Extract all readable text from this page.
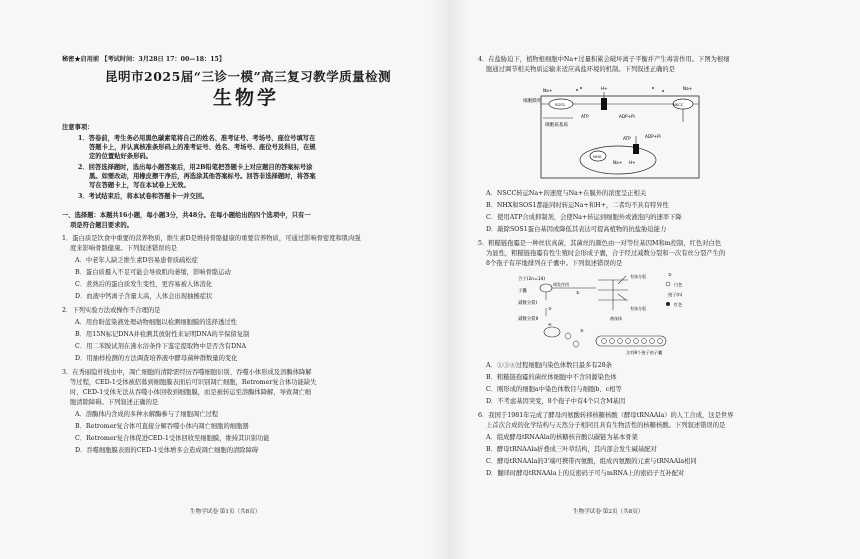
秘密★启用前 【考试时间：3月28日 17：00—18：15】
昆明市2025届“三诊一模”高三复习教学质量检测
生物学
注意事项：
1．答卷前，考生务必用黑色碳素笔将自己的姓名、准考证号、考场号、座位号填写在
答题卡上，并认真核准条形码上的准考证号、姓名、考场号、座位号及科目，在规
定的位置贴好条形码。
2．回答选择题时，选出每小题答案后，用2B铅笔把答题卡上对应题目的答案标号涂
黑。如需改动，用橡皮擦干净后，再选涂其他答案标号。回答非选择题时，将答案
写在答题卡上，写在本试卷上无效。
3．考试结束后，将本试卷和答题卡一并交回。
一、选择题：本题共16小题，每小题3分，共48分。在每小题给出的四个选项中，只有一
项是符合题目要求的。
1．蛋白质是饮食中重要的营养物质，维生素D是维持骨骼健康的重要营养物质，可通过影响骨密度和肌肉强
度来影响骨骼健康。下列叙述错误的是
A．中老年人缺乏维生素D容易患骨质疏松症
B．蛋白质摄入不足可能会导致肌肉萎缩，影响骨骼运动
C．煮熟后的蛋白质发生变性，更容易被人体消化
D．血液中钙离子含量太高，人体会出现抽搐症状
2．下列实验方法或操作不合理的是
A．用台盼蓝染液处理动物细胞以检测细胞膜的选择透过性
B．用15N标记DNA并检测其放射性来证明DNA的半保留复制
C．用二苯胺试剂在沸水浴条件下鉴定提取物中是否含有DNA
D．用抽样检测的方法调查培养液中酵母菌种群数量的变化
3．在秀丽隐杆线虫中，凋亡细胞的清除需经历吞噬细胞识别、吞噬小体形成及溶酶体降解
等过程，CED-1受体被招募到细胞膜表面后可识别凋亡细胞，Retromer复合体功能缺失
时，CED-1受体无法从吞噬小体回收到细胞膜，而是被转运至溶酶体降解，导致凋亡细
胞清除障碍。下列叙述正确的是
A．溶酶体内含成的多种水解酶参与了细胞凋亡过程
B．Retromer复合体可直接分解吞噬小体内凋亡细胞的细胞器
C．Retromer复合体促进CED-1受体回收至细胞膜，维持其识别功能
D．吞噬细胞膜表面的CED-1受体增多会造成凋亡细胞的清除障碍
生物学试卷·第1页（共8页）
4．在盐胁迫下，植物根细胞中Na+过量积累会破坏离子平衡并产生毒害作用。下图为根细
胞通过调节相关物质运输来适应高盐环境的机制。下列叙述正确的是
细胞膜外
细胞质基质
SOS1	NSCC
NHX
ATP	ADP+Pi
ATP	ADP+Pi
Na+	H+	Na+
Na+ H+
A．NSCC转运Na+的速度与Na+在膜外的浓度呈正相关
B．NHX和SOS1都能同时转运Na+和H+，二者均不具有特异性
C．使用ATP合成抑制剂，会使Na+转运到细胞外或液泡内的速率下降
D．敲除SOS1蛋白基因或降低其表达可提高植物的抗盐胁迫能力
5．粗糙链孢霉是一种丝状真菌，其菌丝的颜色由一对等位基因M和m控制，红色对白色
为显性，粗糙链孢霉有性生殖时会形成子囊，合子经过减数分裂和一次有丝分裂产生的
8个孢子有序地排列在子囊中。下列叙述错误的是
合子(2n=14)
子囊
减数分裂I
减数分裂II
萌发作用
有丝分裂
有丝分裂
菌丝体
白色
孢子(n)
红色
含有8个孢子的子囊
①
②
③
④
⑤
A．①③④过程细胞内染色体数目最多有28条
B．粗糙链孢霉的菌丝体细胞中不含同源染色体
C．刚形成的细胞a中染色体数目与细胞b、c相等
D．不考虑基因突变，8个孢子中有4个只含M基因
6．我国于1981年完成了酵母丙氨酸转移核糖核酸（酵母tRNAAla）的人工合成，这是世界
上首次合成的化学结构与天然分子相同且具有生物活性的核糖核酸。下列叙述错误的是
A．组成酵母tRNAAla的核糖核苷酸以碳链为基本骨架
B．酵母tRNAAla折叠成三叶草结构，其内部会发生碱基配对
C．酵母tRNAAla的3'端可携带丙氨酸，组成丙氨酸的元素与tRNAAla相同
D．翻译时酵母tRNAAla上的反密码子可与mRNA上的密码子互补配对
生物学试卷·第2页（共8页）
